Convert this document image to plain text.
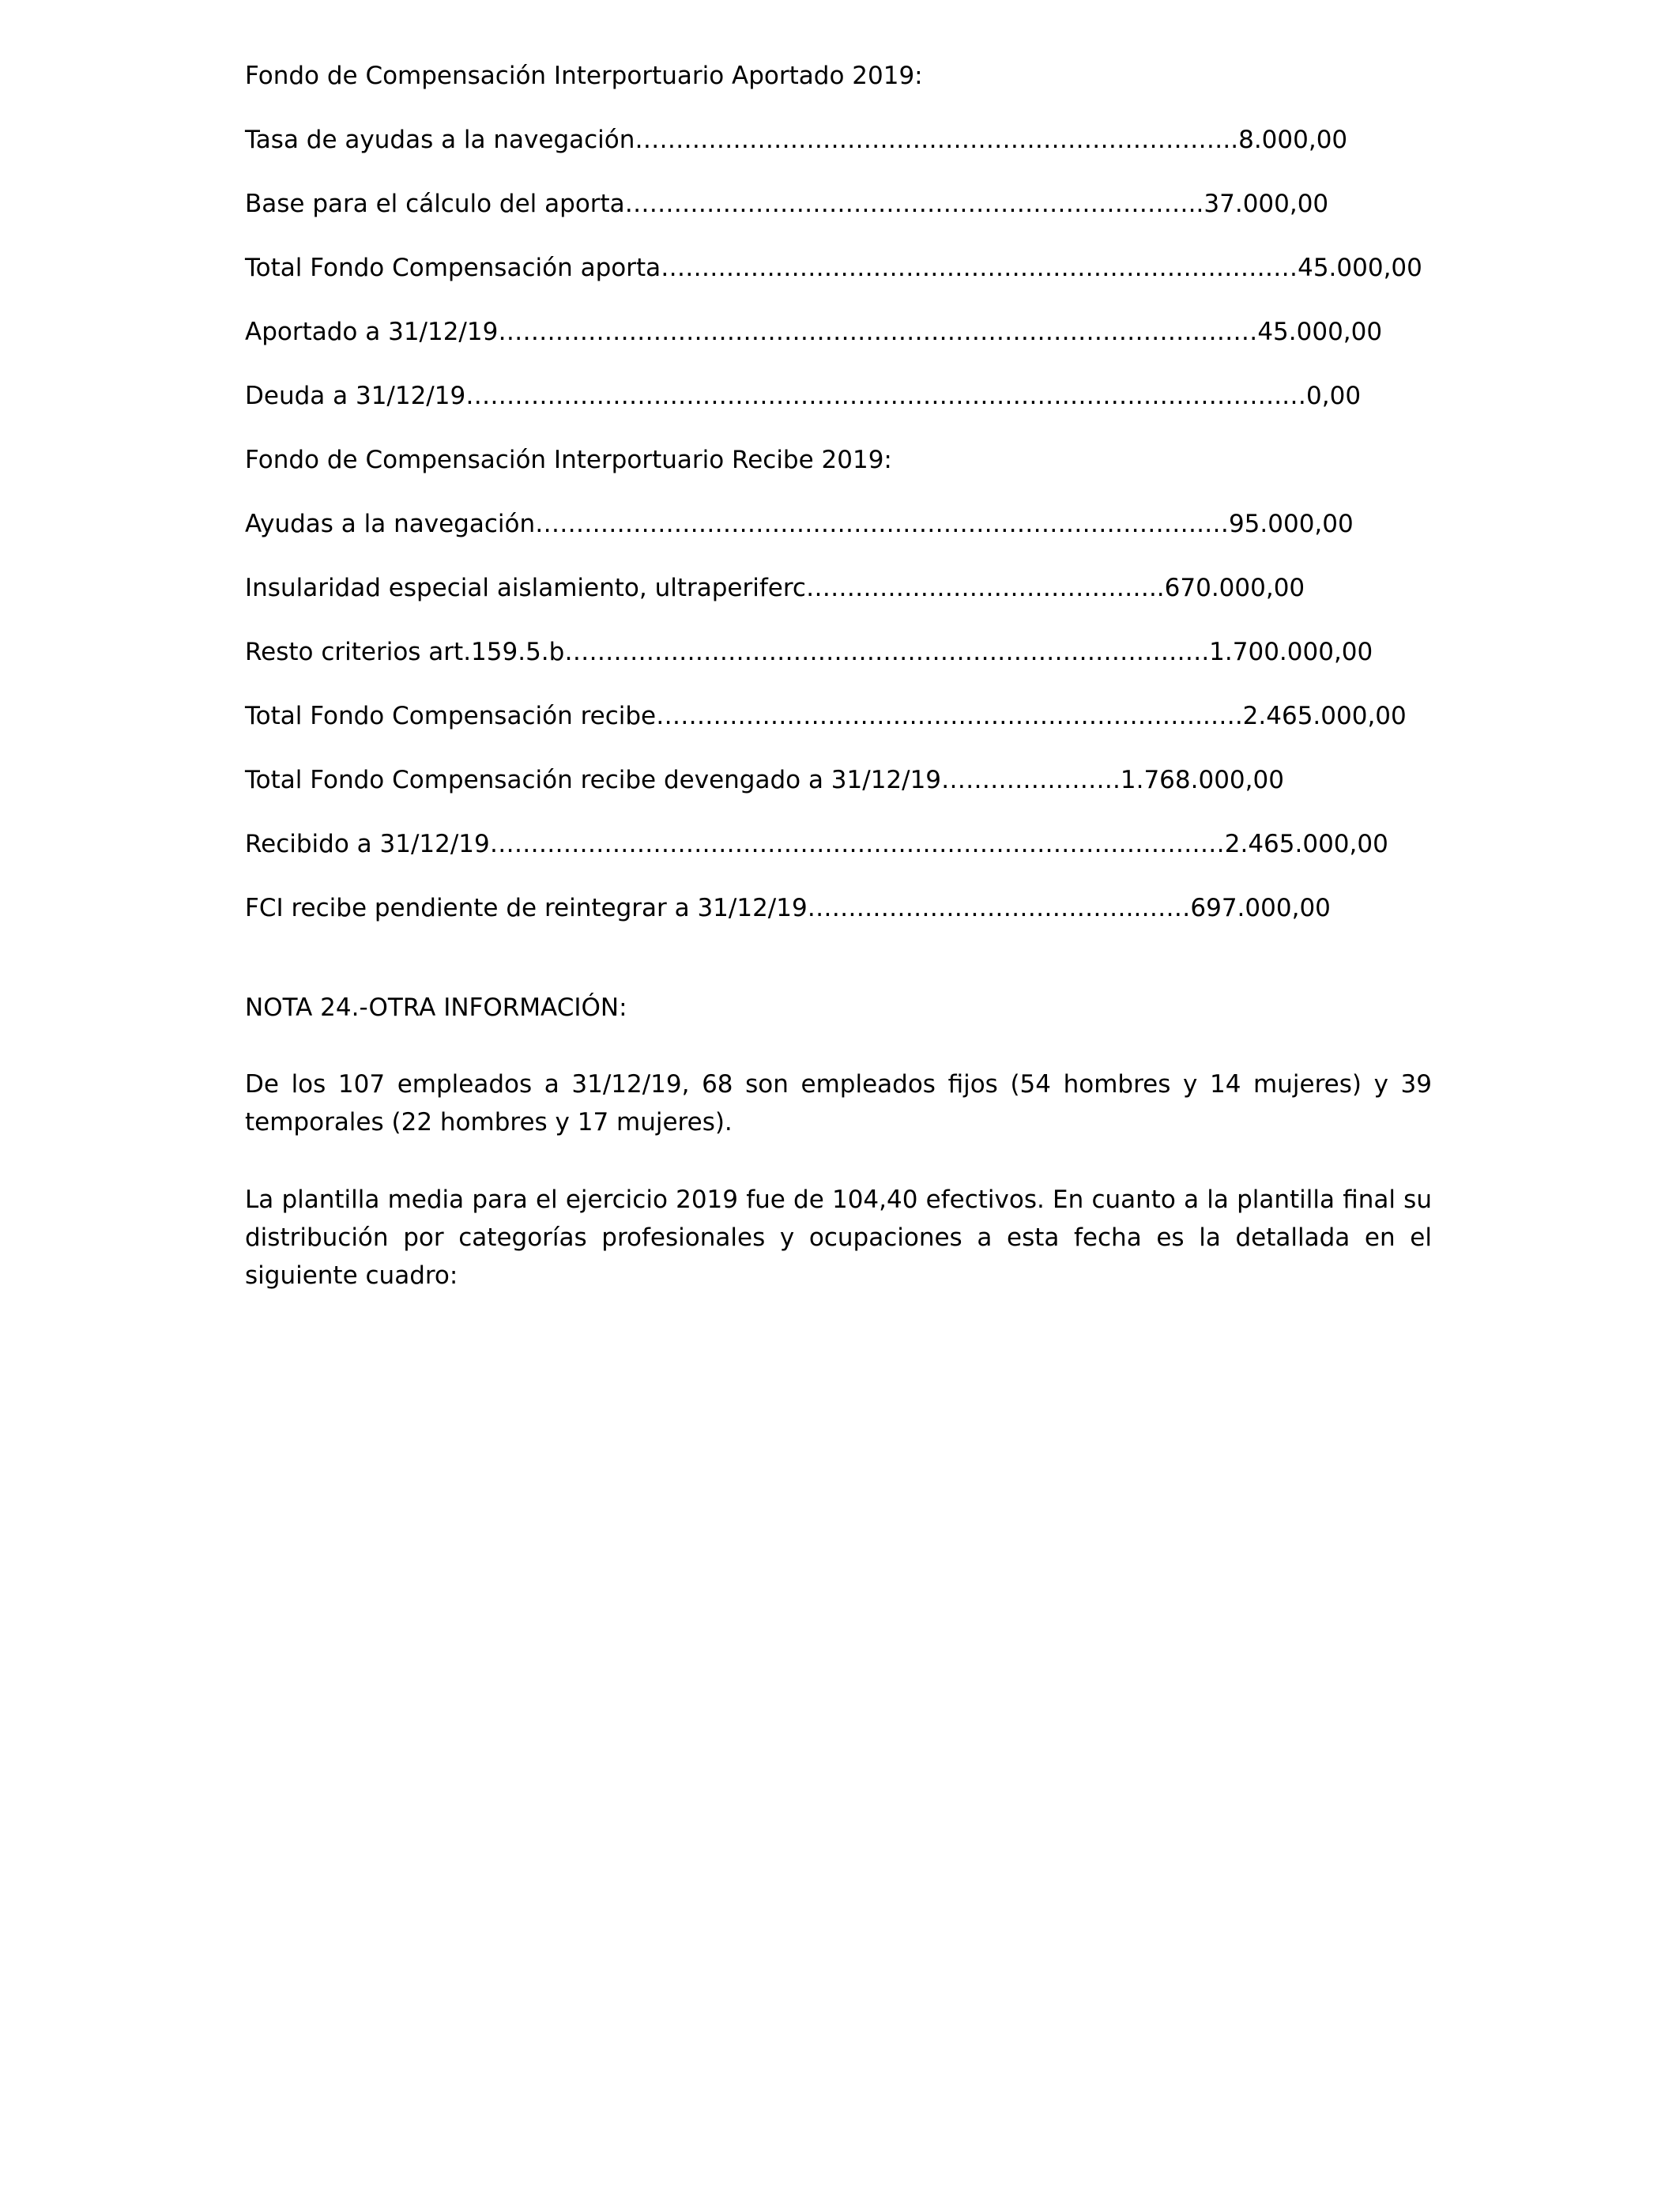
Fondo de Compensación Interportuario Aportado 2019:
Tasa de ayudas a la navegación………………………………………………………………..8.000,00
Base para el cálculo del aporta……………………………………………………………..37.000,00
Total Fondo Compensación aporta……………………………………………………………………45.000,00
Aportado a 31/12/19…………………………………………………………………………………45.000,00
Deuda a 31/12/19……………………………………………………………………………………….…0,00
Fondo de Compensación Interportuario Recibe 2019:
Ayudas a la navegación……………………………………………………………………….…95.000,00
Insularidad especial aislamiento, ultraperiferc……………………………………..670.000,00
Resto criterios art.159.5.b…………………………………………………………………….1.700.000,00
Total Fondo Compensación recibe…………………………………………………………..….2.465.000,00
Total Fondo Compensación recibe devengado a 31/12/19………………….1.768.000,00
Recibido a 31/12/19………………………………………………………………………………2.465.000,00
FCI recibe pendiente de reintegrar a 31/12/19…………………………………..……697.000,00
NOTA 24.-OTRA INFORMACIÓN:
De los 107 empleados a 31/12/19, 68 son empleados fijos (54 hombres y 14 mujeres) y 39 temporales (22 hombres y 17 mujeres).
La plantilla media para el ejercicio 2019 fue de 104,40 efectivos. En cuanto a la plantilla final su distribución por categorías profesionales y ocupaciones a esta fecha es la detallada en el siguiente cuadro:
